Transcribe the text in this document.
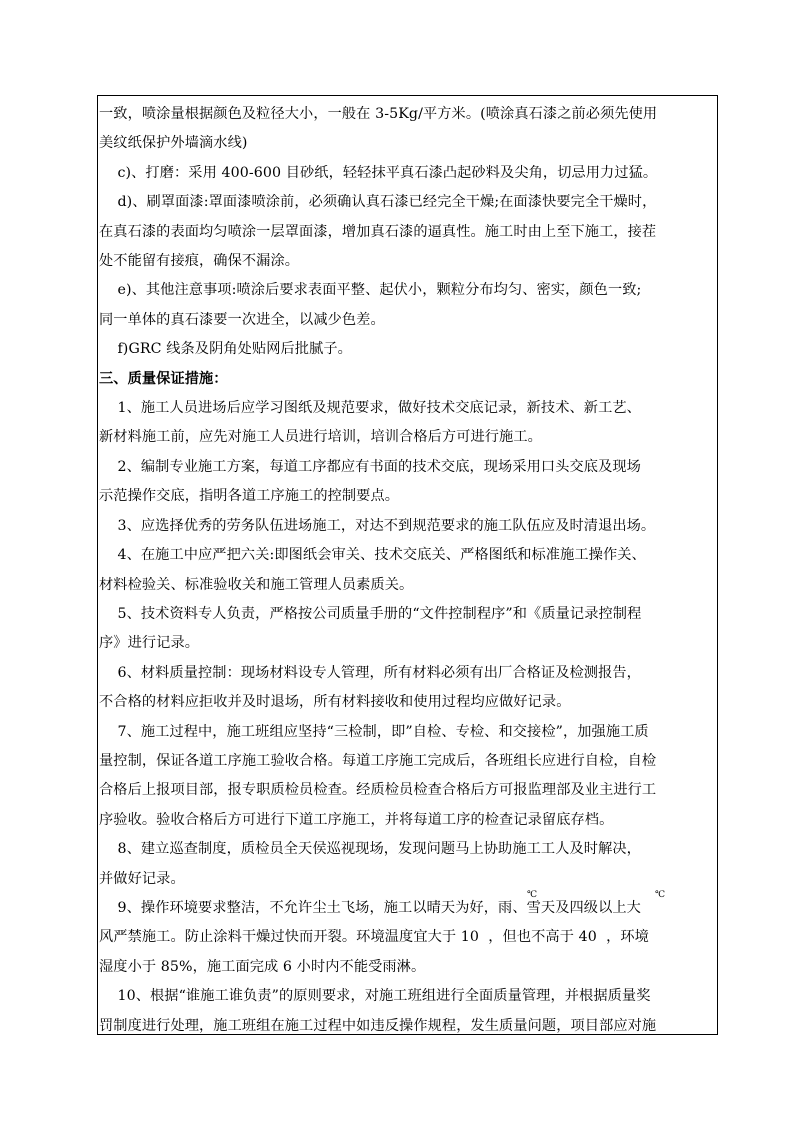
一致，喷涂量根据颜色及粒径大小，一般在 3-5Kg/平方米。(喷涂真石漆之前必须先使用

美纹纸保护外墙滴水线)

c)、打磨：采用 400-600 目砂纸，轻轻抹平真石漆凸起砂料及尖角，切忌用力过猛。

d)、刷罩面漆:罩面漆喷涂前，必须确认真石漆已经完全干燥;在面漆快要完全干燥时，

在真石漆的表面均匀喷涂一层罩面漆，增加真石漆的逼真性。施工时由上至下施工，接茬

处不能留有接痕，确保不漏涂。

e)、其他注意事项:喷涂后要求表面平整、起伏小，颗粒分布均匀、密实，颜色一致;

同一单体的真石漆要一次进全，以减少色差。

f)GRC 线条及阴角处贴网后批腻子。

三、质量保证措施：

1、施工人员进场后应学习图纸及规范要求，做好技术交底记录，新技术、新工艺、

新材料施工前，应先对施工人员进行培训，培训合格后方可进行施工。

2、编制专业施工方案，每道工序都应有书面的技术交底，现场采用口头交底及现场

示范操作交底，指明各道工序施工的控制要点。

3、应选择优秀的劳务队伍进场施工，对达不到规范要求的施工队伍应及时清退出场。

4、在施工中应严把六关:即图纸会审关、技术交底关、严格图纸和标准施工操作关、

材料检验关、标准验收关和施工管理人员素质关。

5、技术资料专人负责，严格按公司质量手册的“文件控制程序”和《质量记录控制程

序》进行记录。

6、材料质量控制：现场材料设专人管理，所有材料必须有出厂合格证及检测报告，

不合格的材料应拒收并及时退场，所有材料接收和使用过程均应做好记录。

7、施工过程中，施工班组应坚持“三检制，即”自检、专检、和交接检”，加强施工质

量控制，保证各道工序施工验收合格。每道工序施工完成后，各班组长应进行自检，自检

合格后上报项目部，报专职质检员检查。经质检员检查合格后方可报监理部及业主进行工

序验收。验收合格后方可进行下道工序施工，并将每道工序的检查记录留底存档。

8、建立巡查制度，质检员全天侯巡视现场，发现问题马上协助施工工人及时解决，

并做好记录。

9、操作环境要求整洁，不允许尘土飞场，施工以晴天为好，雨、雪天及四级以上大

风严禁施工。防止涂料干燥过快而开裂。环境温度宜大于 10  ，但也不高于 40  ，环境

湿度小于 85%，施工面完成 6 小时内不能受雨淋。

10、根据“谁施工谁负责”的原则要求，对施工班组进行全面质量管理，并根据质量奖

罚制度进行处理，施工班组在施工过程中如违反操作规程，发生质量问题，项目部应对施

℃	℃
